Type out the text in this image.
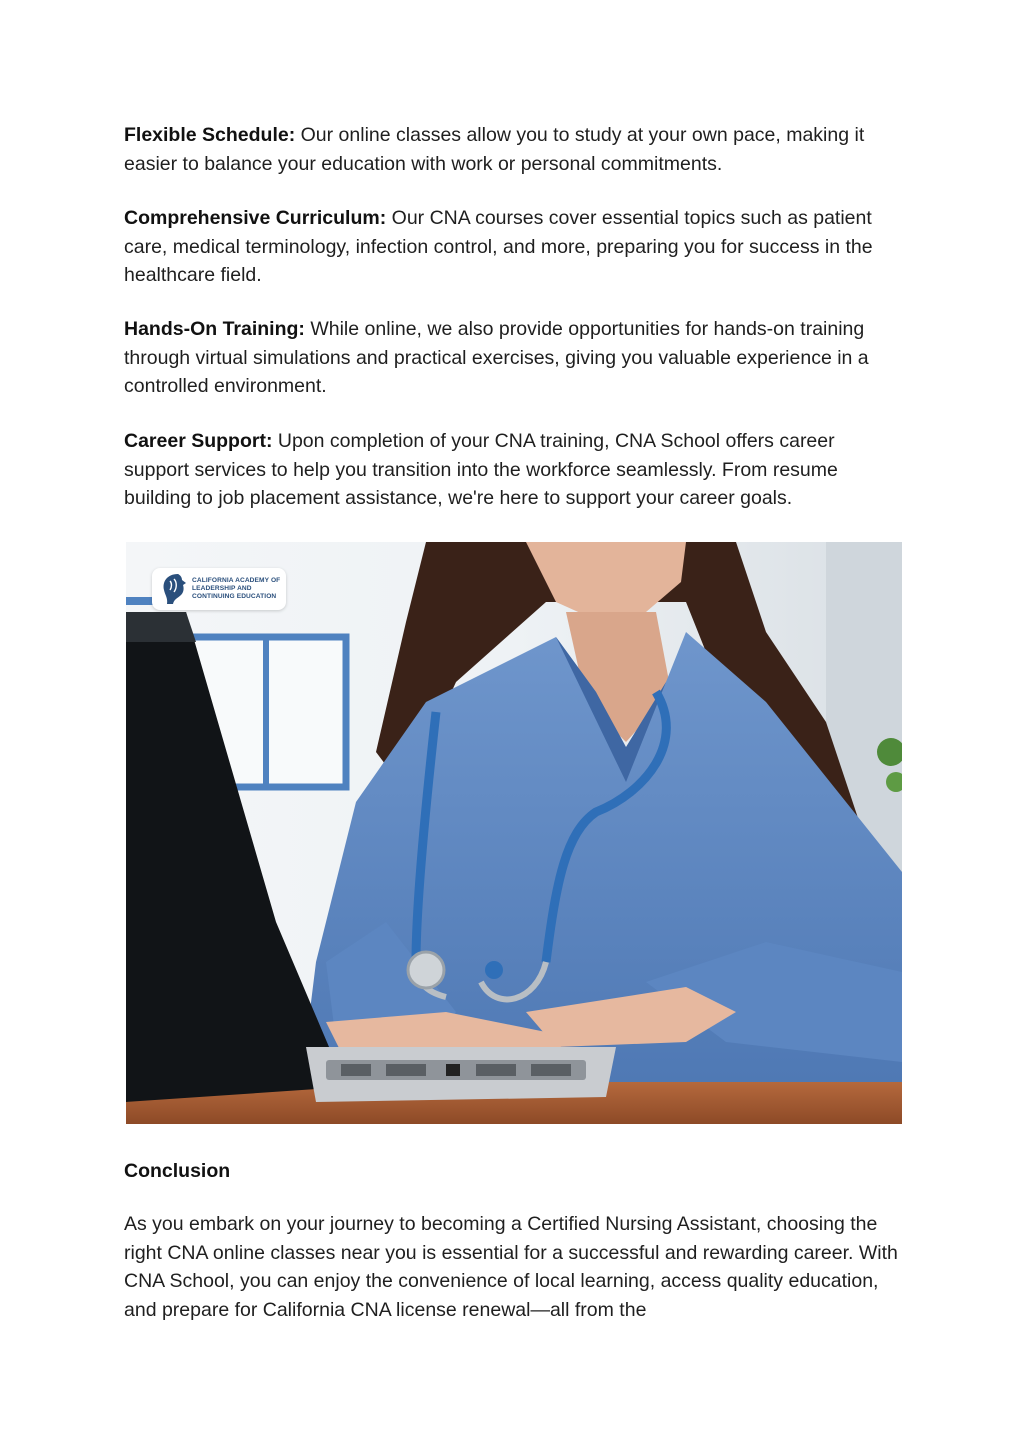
Flexible Schedule: Our online classes allow you to study at your own pace, making it easier to balance your education with work or personal commitments.

Comprehensive Curriculum: Our CNA courses cover essential topics such as patient care, medical terminology, infection control, and more, preparing you for success in the healthcare field.

Hands-On Training: While online, we also provide opportunities for hands-on training through virtual simulations and practical exercises, giving you valuable experience in a controlled environment.

Career Support: Upon completion of your CNA training, CNA School offers career support services to help you transition into the workforce seamlessly. From resume building to job placement assistance, we're here to support your career goals.

CALIFORNIA ACADEMY OF
LEADERSHIP AND
CONTINUING EDUCATION

Conclusion

As you embark on your journey to becoming a Certified Nursing Assistant, choosing the right CNA online classes near you is essential for a successful and rewarding career. With CNA School, you can enjoy the convenience of local learning, access quality education, and prepare for California CNA license renewal—all from the
